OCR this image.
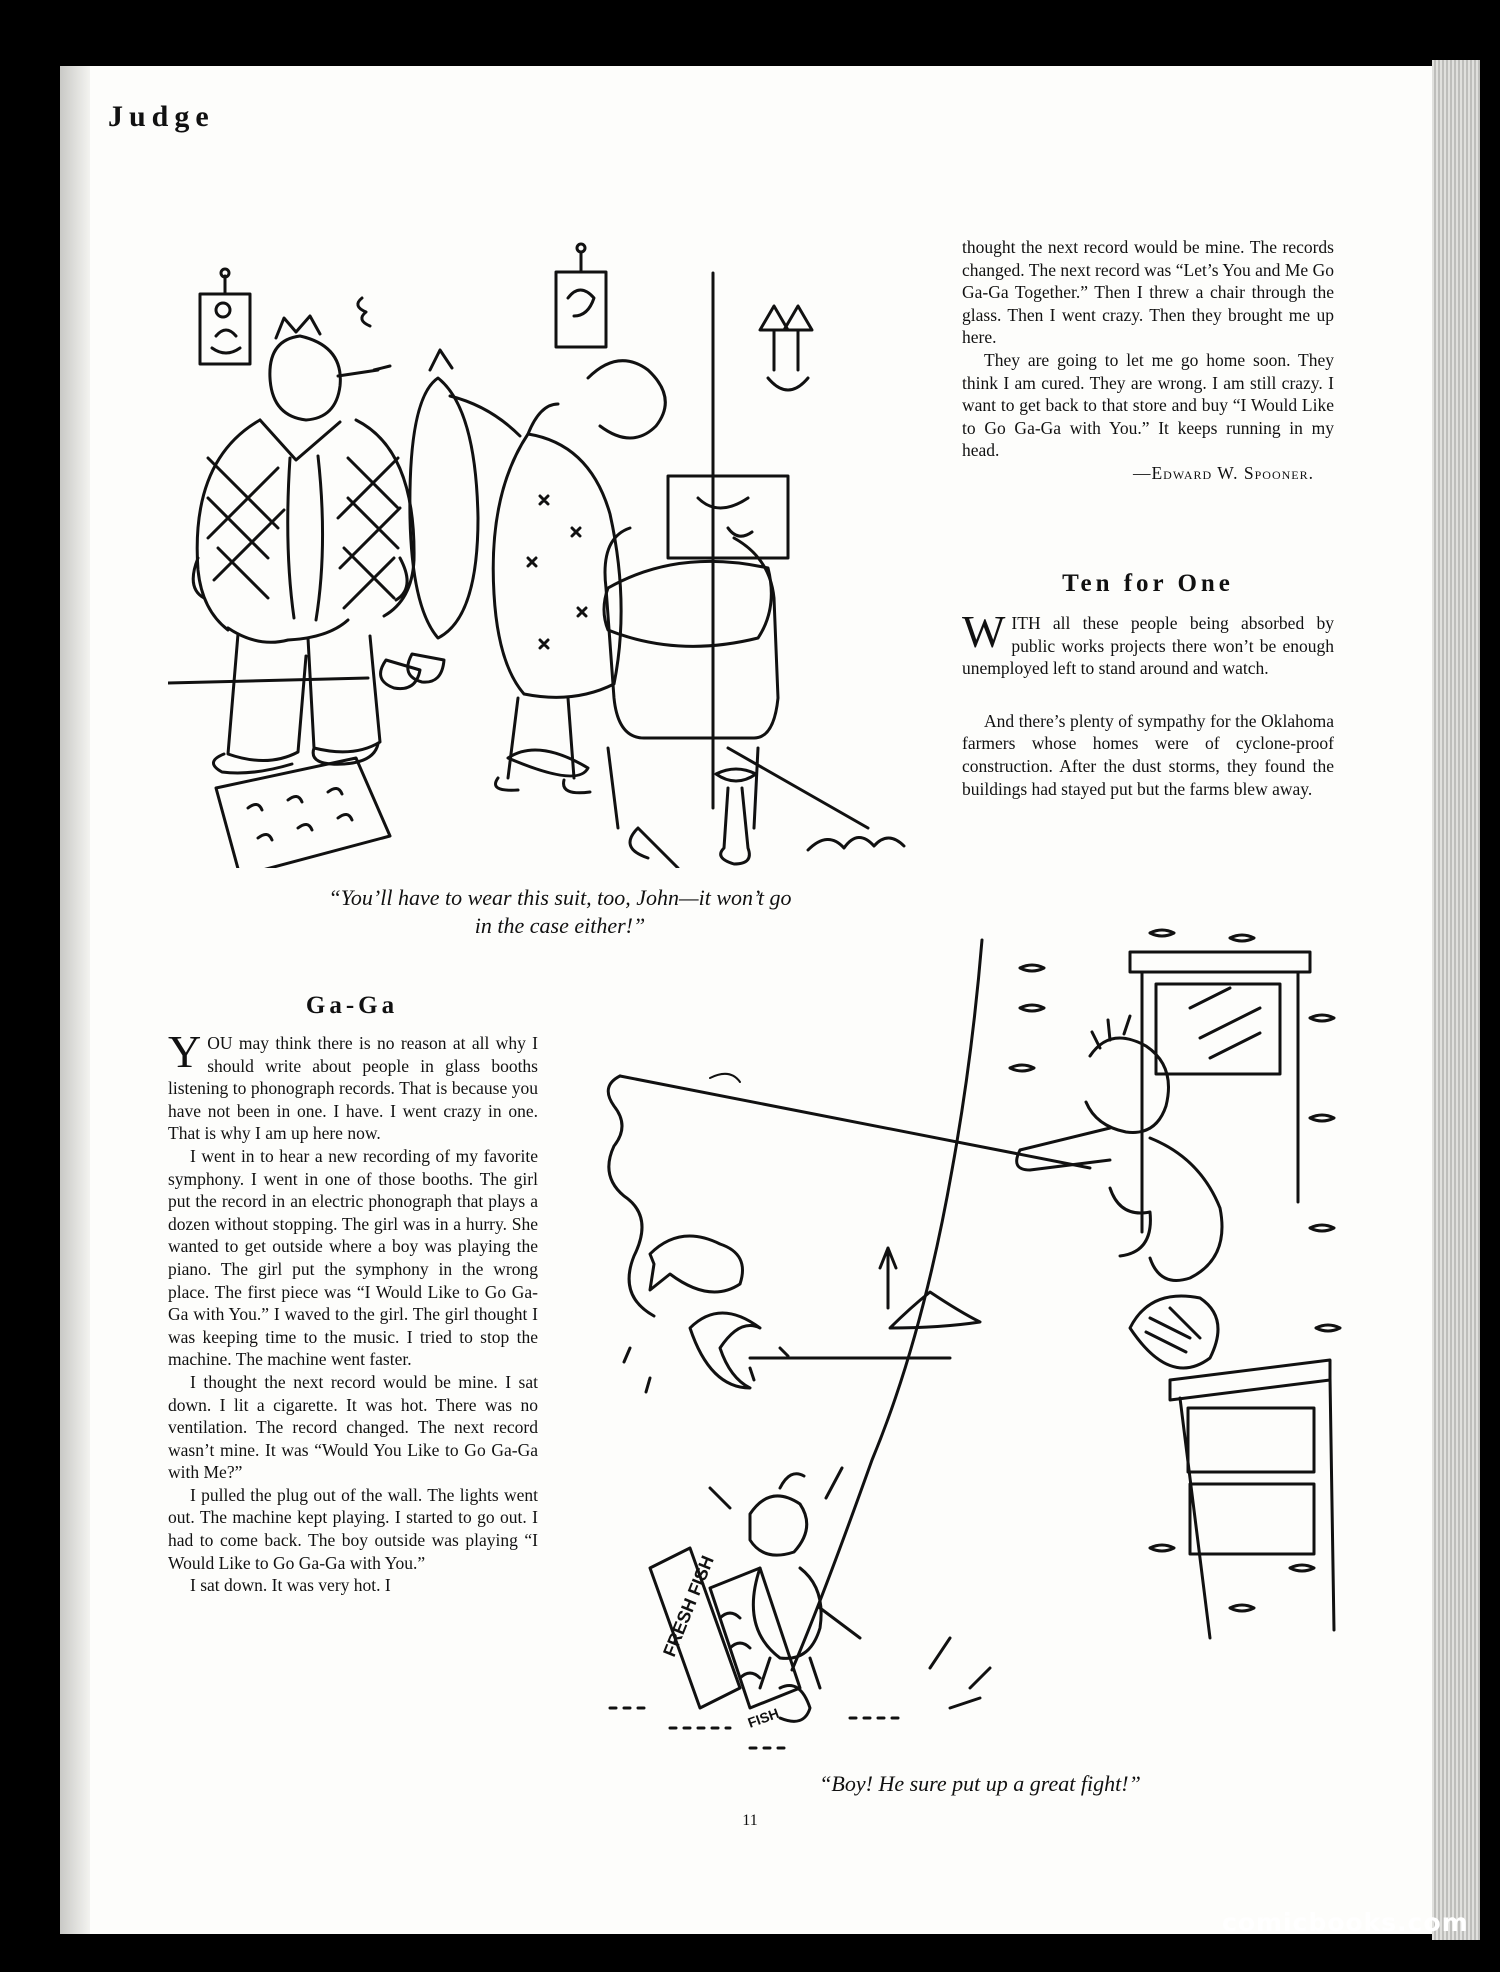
Judge
“You’ll have to wear this suit, too, John—it won’t go
in the case either!”
Ga-Ga

YOU may think there is no reason at all why I should write about people in glass booths listening to phonograph records. That is because you have not been in one. I have. I went crazy in one. That is why I am up here now.

I went in to hear a new recording of my favorite symphony. I went in one of those booths. The girl put the record in an electric phonograph that plays a dozen without stopping. The girl was in a hurry. She wanted to get outside where a boy was playing the piano. The girl put the symphony in the wrong place. The first piece was “I Would Like to Go Ga-Ga with You.” I waved to the girl. The girl thought I was keeping time to the music. I tried to stop the machine. The machine went faster.

I thought the next record would be mine. I sat down. I lit a cigarette. It was hot. There was no ventilation. The record changed. The next record wasn’t mine. It was “Would You Like to Go Ga-Ga with Me?”

I pulled the plug out of the wall. The lights went out. The machine kept playing. I started to go out. I had to come back. The boy outside was playing “I Would Like to Go Ga-Ga with You.”

I sat down. It was very hot. I

thought the next record would be mine. The records changed. The next record was “Let’s You and Me Go Ga-Ga Together.” Then I threw a chair through the glass. Then I went crazy. Then they brought me up here.

They are going to let me go home soon. They think I am cured. They are wrong. I am still crazy. I want to get back to that store and buy “I Would Like to Go Ga-Ga with You.” It keeps running in my head.

—Edward W. Spooner.
Ten for One

WITH all these people being absorbed by public works projects there won’t be enough unemployed left to stand around and watch.

And there’s plenty of sympathy for the Oklahoma farmers whose homes were of cyclone-proof construction. After the dust storms, they found the buildings had stayed put but the farms blew away.

FRESH FISH
FISH
“Boy! He sure put up a great fight!”
11
comicbooks.com
